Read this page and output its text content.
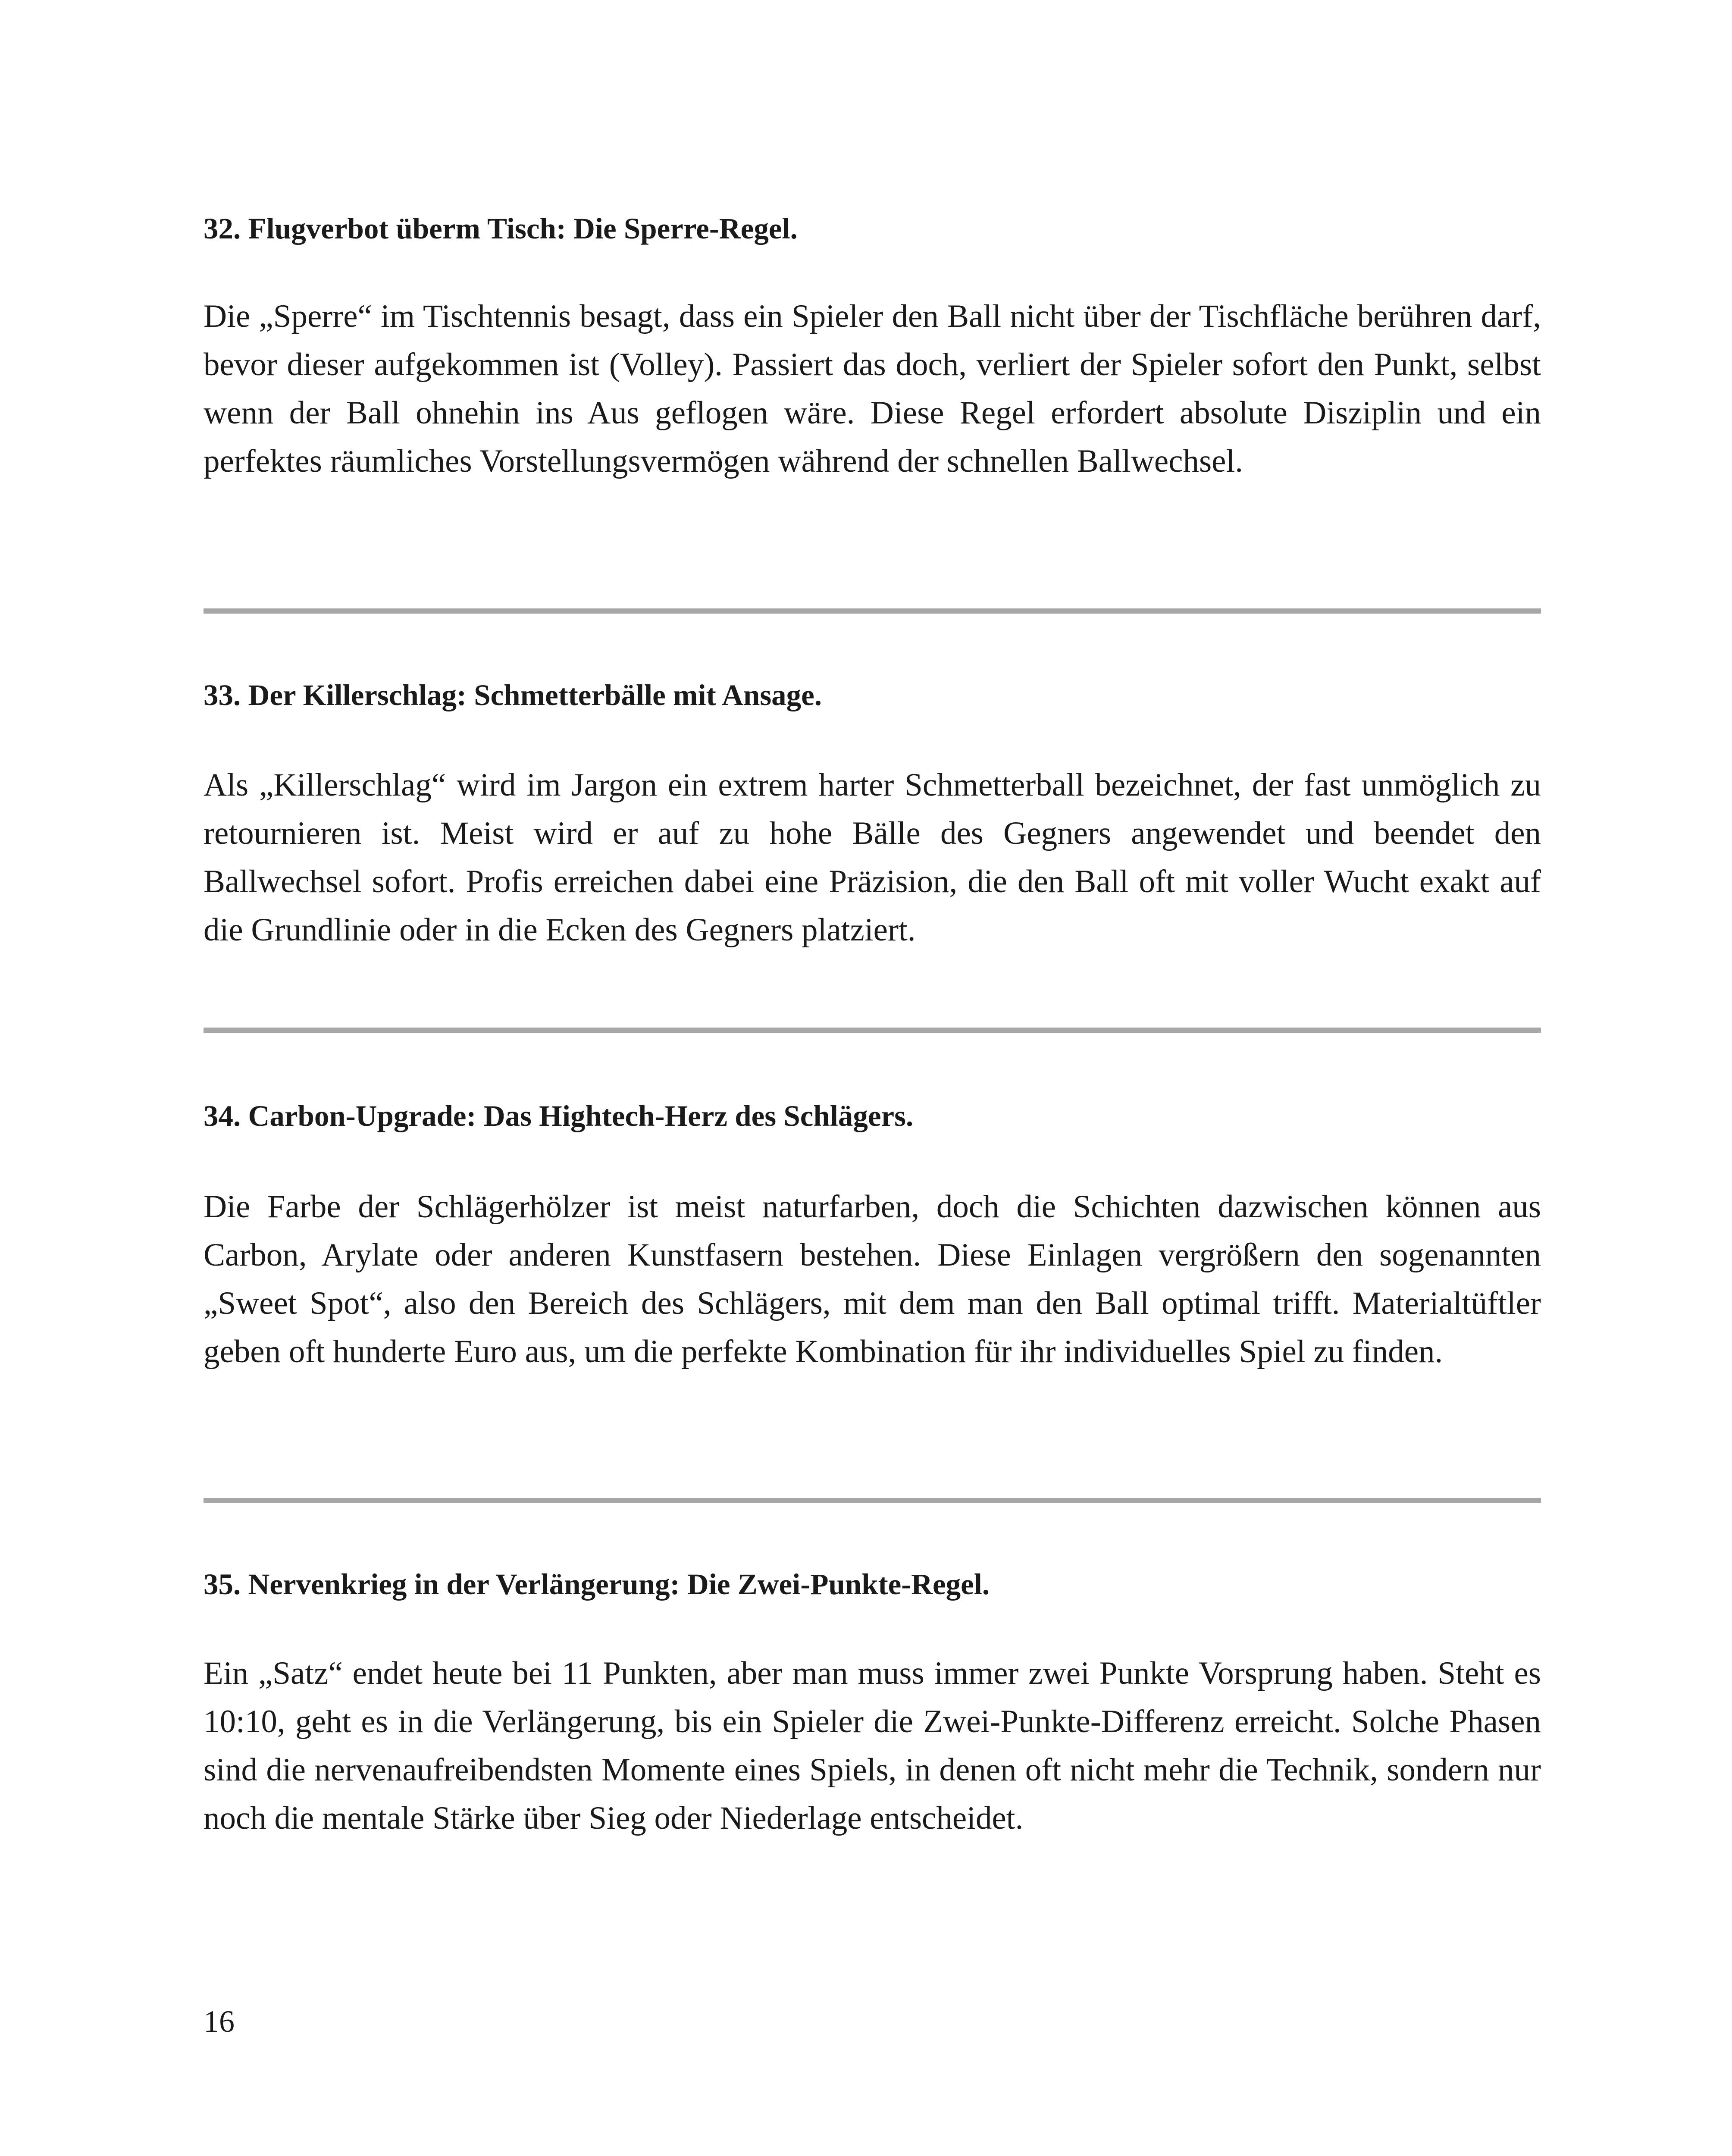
32. Flugverbot überm Tisch: Die Sperre-Regel.

Die „Sperre“ im Tischtennis besagt, dass ein Spieler den Ball nicht über der Tischfläche berühren darf, bevor dieser aufgekommen ist (Volley). Passiert das doch, verliert der Spieler sofort den Punkt, selbst wenn der Ball ohnehin ins Aus geflogen wäre. Diese Regel erfordert absolute Disziplin und ein perfektes räumliches Vorstellungsvermögen während der schnellen Ballwechsel.

33. Der Killerschlag: Schmetterbälle mit Ansage.

Als „Killerschlag“ wird im Jargon ein extrem harter Schmetterball bezeichnet, der fast unmöglich zu retournieren ist. Meist wird er auf zu hohe Bälle des Gegners angewendet und beendet den Ballwechsel sofort. Profis erreichen dabei eine Präzision, die den Ball oft mit voller Wucht exakt auf die Grundlinie oder in die Ecken des Gegners platziert.

34. Carbon-Upgrade: Das Hightech-Herz des Schlägers.

Die Farbe der Schlägerhölzer ist meist naturfarben, doch die Schichten dazwischen können aus Carbon, Arylate oder anderen Kunstfasern bestehen. Diese Einlagen vergrößern den sogenannten „Sweet Spot“, also den Bereich des Schlägers, mit dem man den Ball optimal trifft. Materialtüftler geben oft hunderte Euro aus, um die perfekte Kombination für ihr individuelles Spiel zu finden.

35. Nervenkrieg in der Verlängerung: Die Zwei-Punkte-Regel.

Ein „Satz“ endet heute bei 11 Punkten, aber man muss immer zwei Punkte Vorsprung haben. Steht es 10:10, geht es in die Verlängerung, bis ein Spieler die Zwei-Punkte-Differenz erreicht. Solche Phasen sind die nervenaufreibendsten Momente eines Spiels, in denen oft nicht mehr die Technik, sondern nur noch die mentale Stärke über Sieg oder Niederlage entscheidet.

16
